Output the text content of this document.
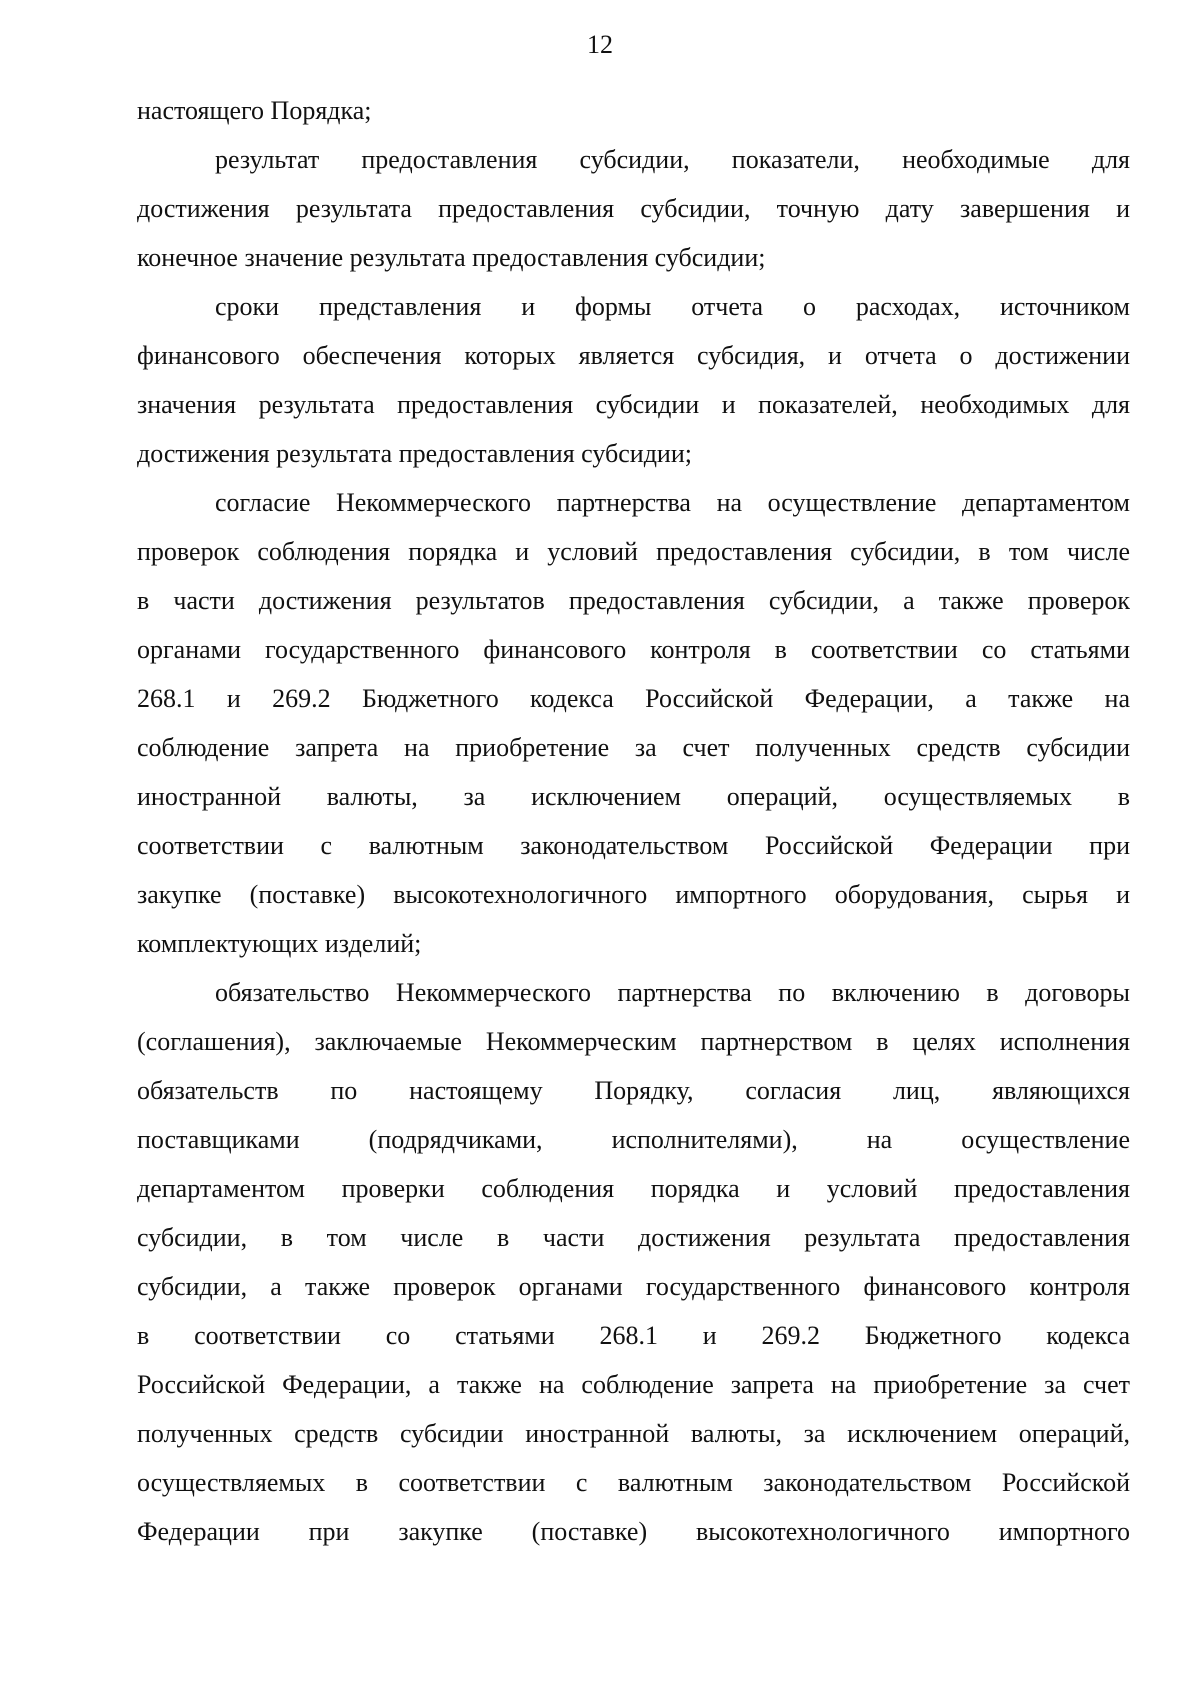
12
настоящего Порядка;
результат предоставления субсидии, показатели, необходимые для
достижения результата предоставления субсидии, точную дату завершения и
конечное значение результата предоставления субсидии;
сроки представления и формы отчета о расходах, источником
финансового обеспечения которых является субсидия, и отчета о достижении
значения результата предоставления субсидии и показателей, необходимых для
достижения результата предоставления субсидии;
согласие Некоммерческого партнерства на осуществление департаментом
проверок соблюдения порядка и условий предоставления субсидии, в том числе
в части достижения результатов предоставления субсидии, а также проверок
органами государственного финансового контроля в соответствии со статьями
268.1 и 269.2 Бюджетного кодекса Российской Федерации, а также на
соблюдение запрета на приобретение за счет полученных средств субсидии
иностранной валюты, за исключением операций, осуществляемых в
соответствии с валютным законодательством Российской Федерации при
закупке (поставке) высокотехнологичного импортного оборудования, сырья и
комплектующих изделий;
обязательство Некоммерческого партнерства по включению в договоры
(соглашения), заключаемые Некоммерческим партнерством в целях исполнения
обязательств по настоящему Порядку, согласия лиц, являющихся
поставщиками (подрядчиками, исполнителями), на осуществление
департаментом проверки соблюдения порядка и условий предоставления
субсидии, в том числе в части достижения результата предоставления
субсидии, а также проверок органами государственного финансового контроля
в соответствии со статьями 268.1 и 269.2 Бюджетного кодекса
Российской Федерации, а также на соблюдение запрета на приобретение за счет
полученных средств субсидии иностранной валюты, за исключением операций,
осуществляемых в соответствии с валютным законодательством Российской
Федерации при закупке (поставке) высокотехнологичного импортного
